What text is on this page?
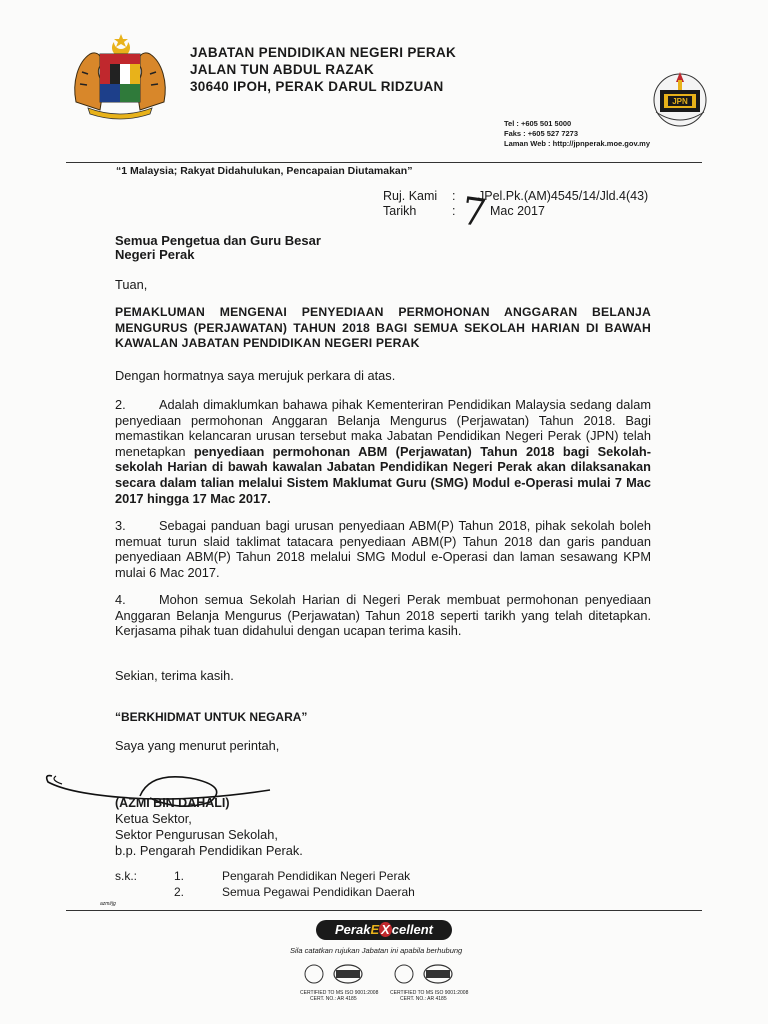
JABATAN PENDIDIKAN NEGERI PERAK
JALAN TUN ABDUL RAZAK
30640 IPOH, PERAK DARUL RIDZUAN
JPN
Tel : +605 501 5000
Faks : +605 527 7273
Laman Web : http://jpnperak.moe.gov.my
“1 Malaysia; Rakyat Didahulukan, Pencapaian Diutamakan”
Ruj. Kami : JPel.Pk.(AM)4545/14/Jld.4(43)
Tarikh	: 7 Mac 2017
Semua Pengetua dan Guru Besar
Negeri Perak
Tuan,
PEMAKLUMAN MENGENAI PENYEDIAAN PERMOHONAN ANGGARAN BELANJA MENGURUS (PERJAWATAN) TAHUN 2018 BAGI SEMUA SEKOLAH HARIAN DI BAWAH KAWALAN JABATAN PENDIDIKAN NEGERI PERAK
Dengan hormatnya saya merujuk perkara di atas.
2.	Adalah dimaklumkan bahawa pihak Kementeriran Pendidikan Malaysia sedang dalam penyediaan permohonan Anggaran Belanja Mengurus (Perjawatan) Tahun 2018. Bagi memastikan kelancaran urusan tersebut maka Jabatan Pendidikan Negeri Perak (JPN) telah menetapkan penyediaan permohonan ABM (Perjawatan) Tahun 2018 bagi Sekolah-sekolah Harian di bawah kawalan Jabatan Pendidikan Negeri Perak akan dilaksanakan secara dalam talian melalui Sistem Maklumat Guru (SMG) Modul e-Operasi mulai 7 Mac 2017 hingga 17 Mac 2017.
3.	Sebagai panduan bagi urusan penyediaan ABM(P) Tahun 2018, pihak sekolah boleh memuat turun slaid taklimat tatacara penyediaan ABM(P) Tahun 2018 dan garis panduan penyediaan ABM(P) Tahun 2018 melalui SMG Modul e-Operasi dan laman sesawang KPM mulai 6 Mac 2017.
4.	Mohon semua Sekolah Harian di Negeri Perak membuat permohonan penyediaan Anggaran Belanja Mengurus (Perjawatan) Tahun 2018 seperti tarikh yang telah ditetapkan. Kerjasama pihak tuan didahului dengan ucapan terima kasih.
Sekian, terima kasih.
“BERKHIDMAT UNTUK NEGARA”
Saya yang menurut perintah,
(AZMI BIN DAHALI)
Ketua Sektor,
Sektor Pengurusan Sekolah,
b.p. Pengarah Pendidikan Perak.
s.k.:	1.	Pengarah Pendidikan Negeri Perak
2.	Semua Pegawai Pendidikan Daerah
azmi/jg
PerakE X cellent
Sila catatkan rujukan Jabatan ini apabila berhubung
CERTIFIED TO MS ISO 9001:2008
CERT. NO.: AR 4185
CERTIFIED TO MS ISO 9001:2008
CERT. NO.: AR 4185
